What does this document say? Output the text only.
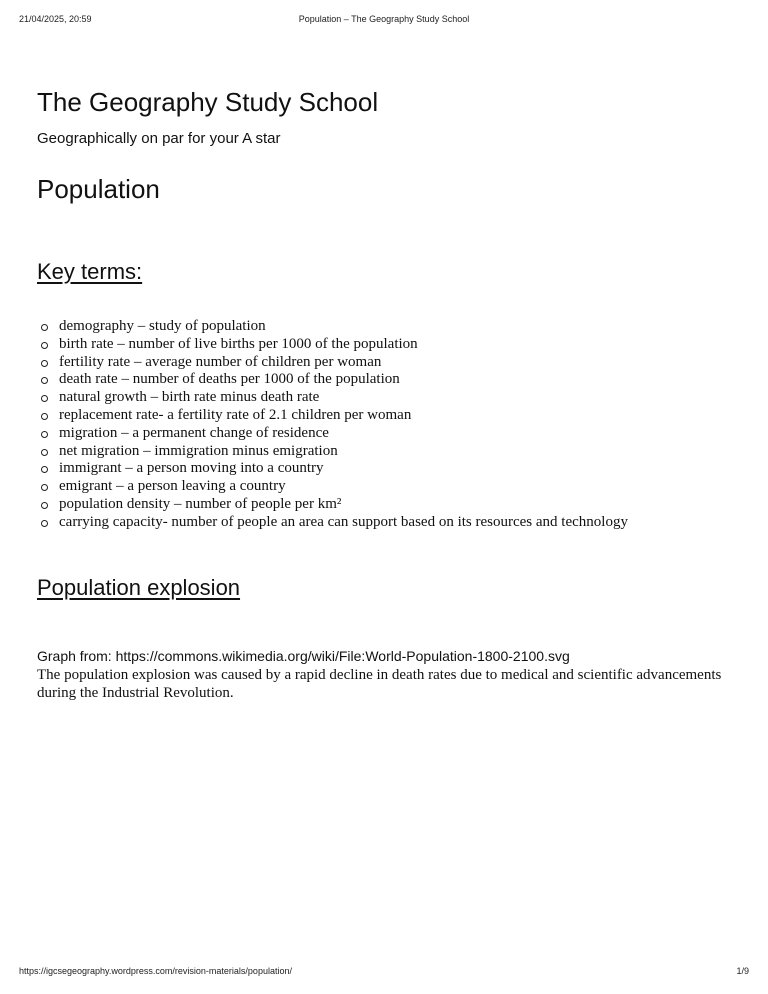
21/04/2025, 20:59	Population – The Geography Study School
The Geography Study School
Geographically on par for your A star
Population
Key terms:
demography – study of population
birth rate – number of live births per 1000 of the population
fertility rate – average number of children per woman
death rate – number of deaths per 1000 of the population
natural growth – birth rate minus death rate
replacement rate- a fertility rate of 2.1 children per woman
migration – a permanent change of residence
net migration – immigration minus emigration
immigrant – a person moving into a country
emigrant – a person leaving a country
population density – number of people per km²
carrying capacity- number of people an area can support based on its resources and technology
Population explosion
Graph from: https://commons.wikimedia.org/wiki/File:World-Population-1800-2100.svg
The population explosion was caused by a rapid decline in death rates due to medical and scientific advancements during the Industrial Revolution.
https://igcsegeography.wordpress.com/revision-materials/population/	1/9
